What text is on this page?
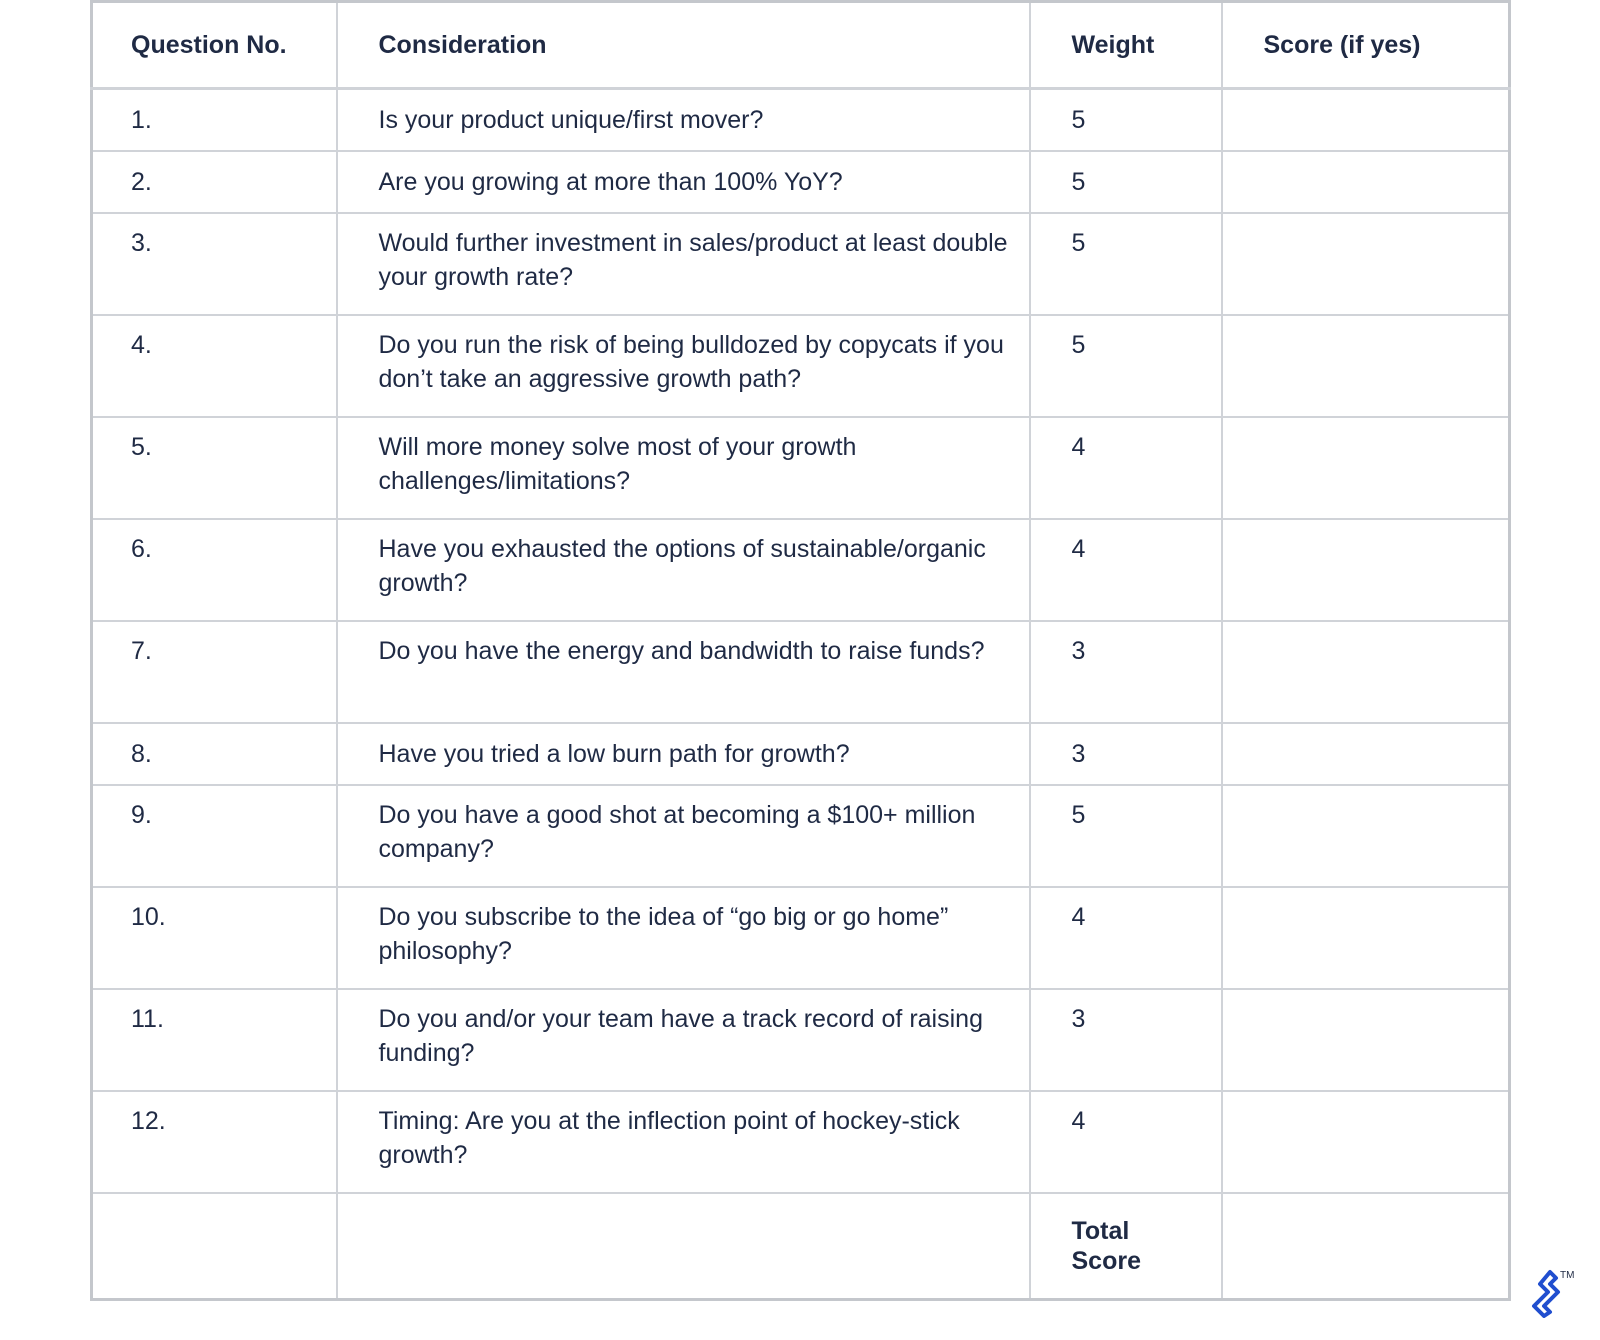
Question No.	Consideration	Weight	Score (if yes)
1.	Is your product unique/first mover?	5	
2.	Are you growing at more than 100% YoY?	5	
3.	Would further investment in sales/product at least double your growth rate?	5	
4.	Do you run the risk of being bulldozed by copycats if you don’t take an aggressive growth path?	5	
5.	Will more money solve most of your growth challenges/limitations?	4	
6.	Have you exhausted the options of sustainable/organic growth?	4	
7.	Do you have the energy and bandwidth to raise funds?	3	
8.	Have you tried a low burn path for growth?	3	
9.	Do you have a good shot at becoming a $100+ million company?	5	
10.	Do you subscribe to the idea of “go big or go home” philosophy?	4	
11.	Do you and/or your team have a track record of raising funding?	3	
12.	Timing: Are you at the inflection point of hockey-stick growth?	4	

		Total Score	

TM
